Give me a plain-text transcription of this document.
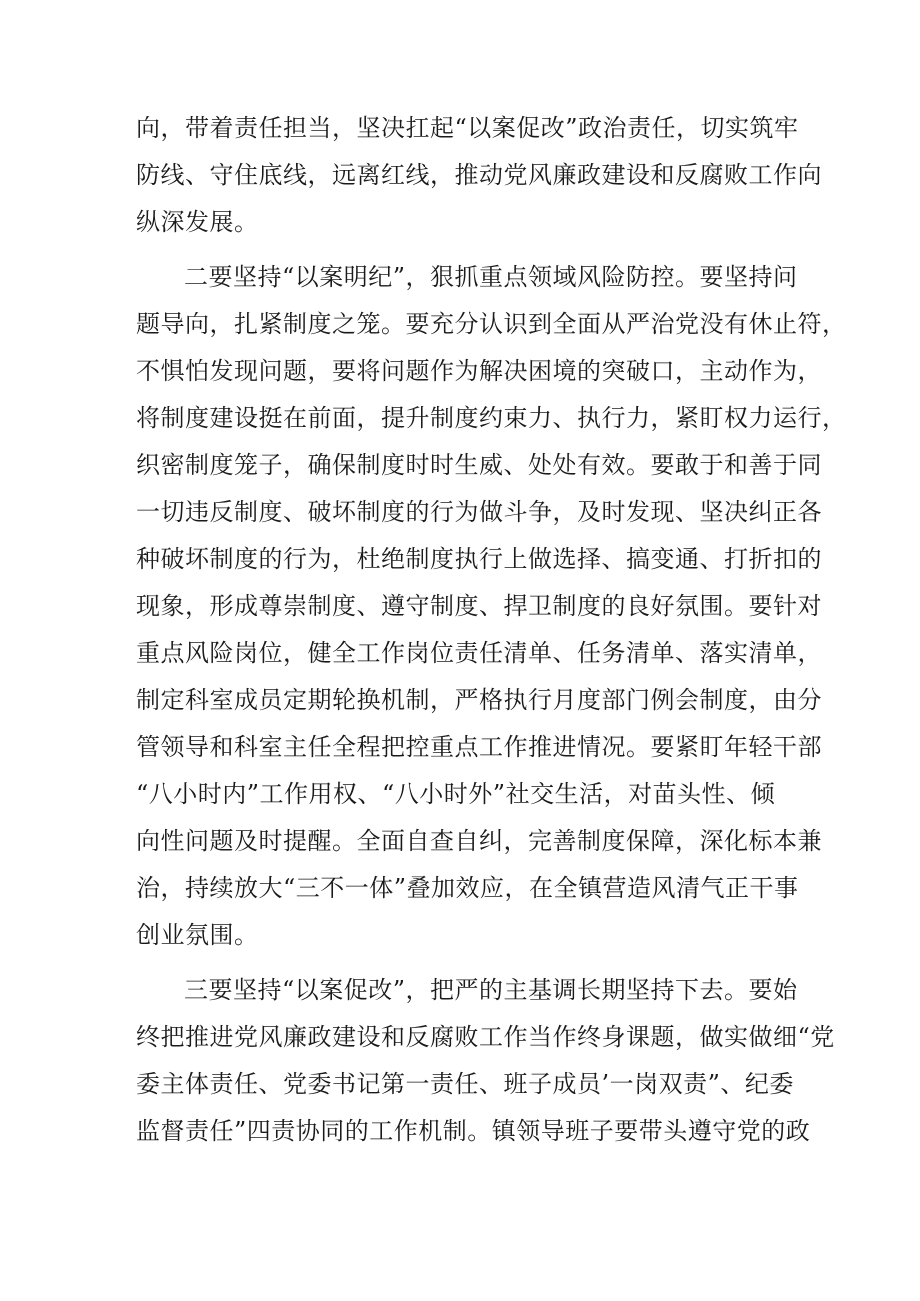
向，带着责任担当，坚决扛起“以案促改”政治责任，切实筑牢
防线、守住底线，远离红线，推动党风廉政建设和反腐败工作向
纵深发展。

二要坚持“以案明纪”，狠抓重点领域风险防控。要坚持问
题导向，扎紧制度之笼。要充分认识到全面从严治党没有休止符，
不惧怕发现问题，要将问题作为解决困境的突破口，主动作为，
将制度建设挺在前面，提升制度约束力、执行力，紧盯权力运行，
织密制度笼子，确保制度时时生威、处处有效。要敢于和善于同
一切违反制度、破坏制度的行为做斗争，及时发现、坚决纠正各
种破坏制度的行为，杜绝制度执行上做选择、搞变通、打折扣的
现象，形成尊崇制度、遵守制度、捍卫制度的良好氛围。要针对
重点风险岗位，健全工作岗位责任清单、任务清单、落实清单，
制定科室成员定期轮换机制，严格执行月度部门例会制度，由分
管领导和科室主任全程把控重点工作推进情况。要紧盯年轻干部
“八小时内”工作用权、“八小时外”社交生活，对苗头性、倾
向性问题及时提醒。全面自查自纠，完善制度保障，深化标本兼
治，持续放大“三不一体”叠加效应，在全镇营造风清气正干事
创业氛围。

三要坚持“以案促改”，把严的主基调长期坚持下去。要始
终把推进党风廉政建设和反腐败工作当作终身课题，做实做细“党
委主体责任、党委书记第一责任、班子成员’一岗双责”、纪委
监督责任”四责协同的工作机制。镇领导班子要带头遵守党的政
